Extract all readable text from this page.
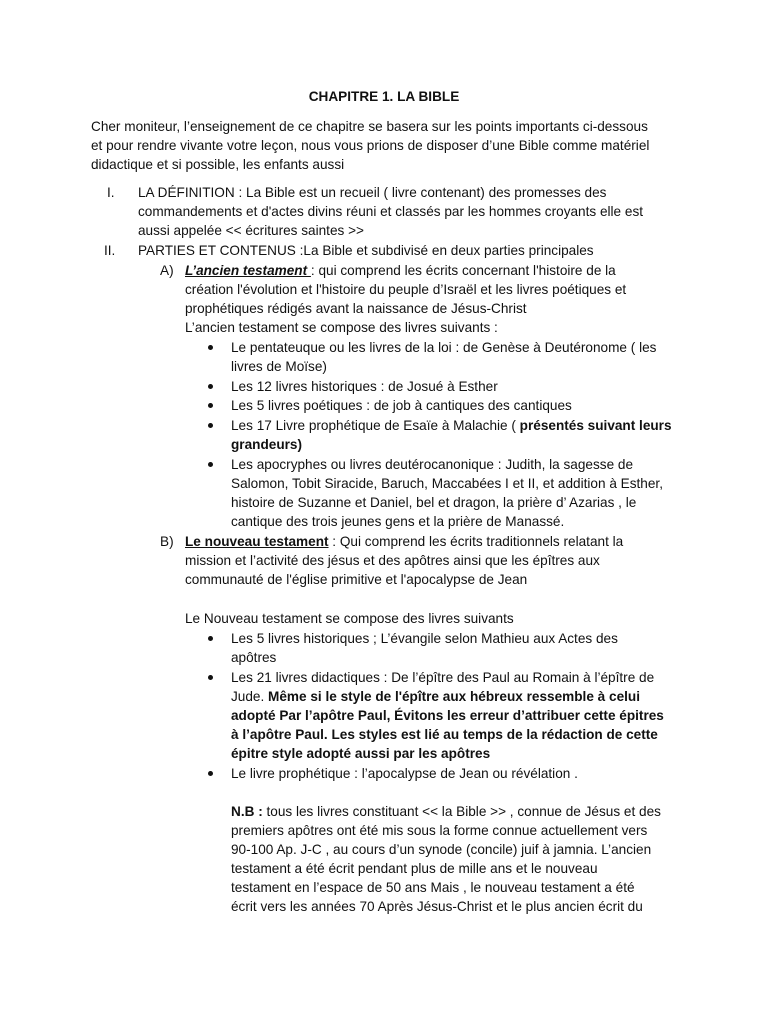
CHAPITRE 1. LA BIBLE
Cher moniteur, l’enseignement de ce chapitre se basera sur les points importants ci-dessous
et pour rendre vivante votre leçon, nous vous prions de disposer d’une Bible comme matériel
didactique et si possible, les enfants aussi
I. LA DÉFINITION : La Bible est un recueil ( livre contenant) des promesses des
commandements et d'actes divins réuni et classés par les hommes croyants elle est
aussi appelée << écritures saintes >>
II. PARTIES ET CONTENUS :La Bible et subdivisé en deux parties principales
A) L’ancien testament : qui comprend les écrits concernant l'histoire de la
création l'évolution et l'histoire du peuple d’Israël et les livres poétiques et
prophétiques rédigés avant la naissance de Jésus-Christ
L’ancien testament se compose des livres suivants :
Le pentateuque ou les livres de la loi : de Genèse à Deutéronome ( les
livres de Moïse)
Les 12 livres historiques : de Josué à Esther
Les 5 livres poétiques : de job à cantiques des cantiques
Les 17 Livre prophétique de Esaïe à Malachie ( présentés suivant leurs
grandeurs)
Les apocryphes ou livres deutérocanonique : Judith, la sagesse de
Salomon, Tobit Siracide, Baruch, Maccabées I et II, et addition à Esther,
histoire de Suzanne et Daniel, bel et dragon, la prière d’ Azarias , le
cantique des trois jeunes gens et la prière de Manassé.
B) Le nouveau testament : Qui comprend les écrits traditionnels relatant la
mission et l’activité des jésus et des apôtres ainsi que les épîtres aux
communauté de l'église primitive et l'apocalypse de Jean
Le Nouveau testament se compose des livres suivants
Les 5 livres historiques ; L’évangile selon Mathieu aux Actes des
apôtres
Les 21 livres didactiques : De l’épître des Paul au Romain à l’épître de
Jude. Même si le style de l'épître aux hébreux ressemble à celui
adopté Par l’apôtre Paul, Évitons les erreur d’attribuer cette épitres
à l’apôtre Paul. Les styles est lié au temps de la rédaction de cette
épitre style adopté aussi par les apôtres
Le livre prophétique : l’apocalypse de Jean ou révélation .
N.B : tous les livres constituant << la Bible >> , connue de Jésus et des
premiers apôtres ont été mis sous la forme connue actuellement vers
90-100 Ap. J-C , au cours d’un synode (concile) juif à jamnia. L’ancien
testament a été écrit pendant plus de mille ans et le nouveau
testament en l’espace de 50 ans Mais , le nouveau testament a été
écrit vers les années 70 Après Jésus-Christ et le plus ancien écrit du
